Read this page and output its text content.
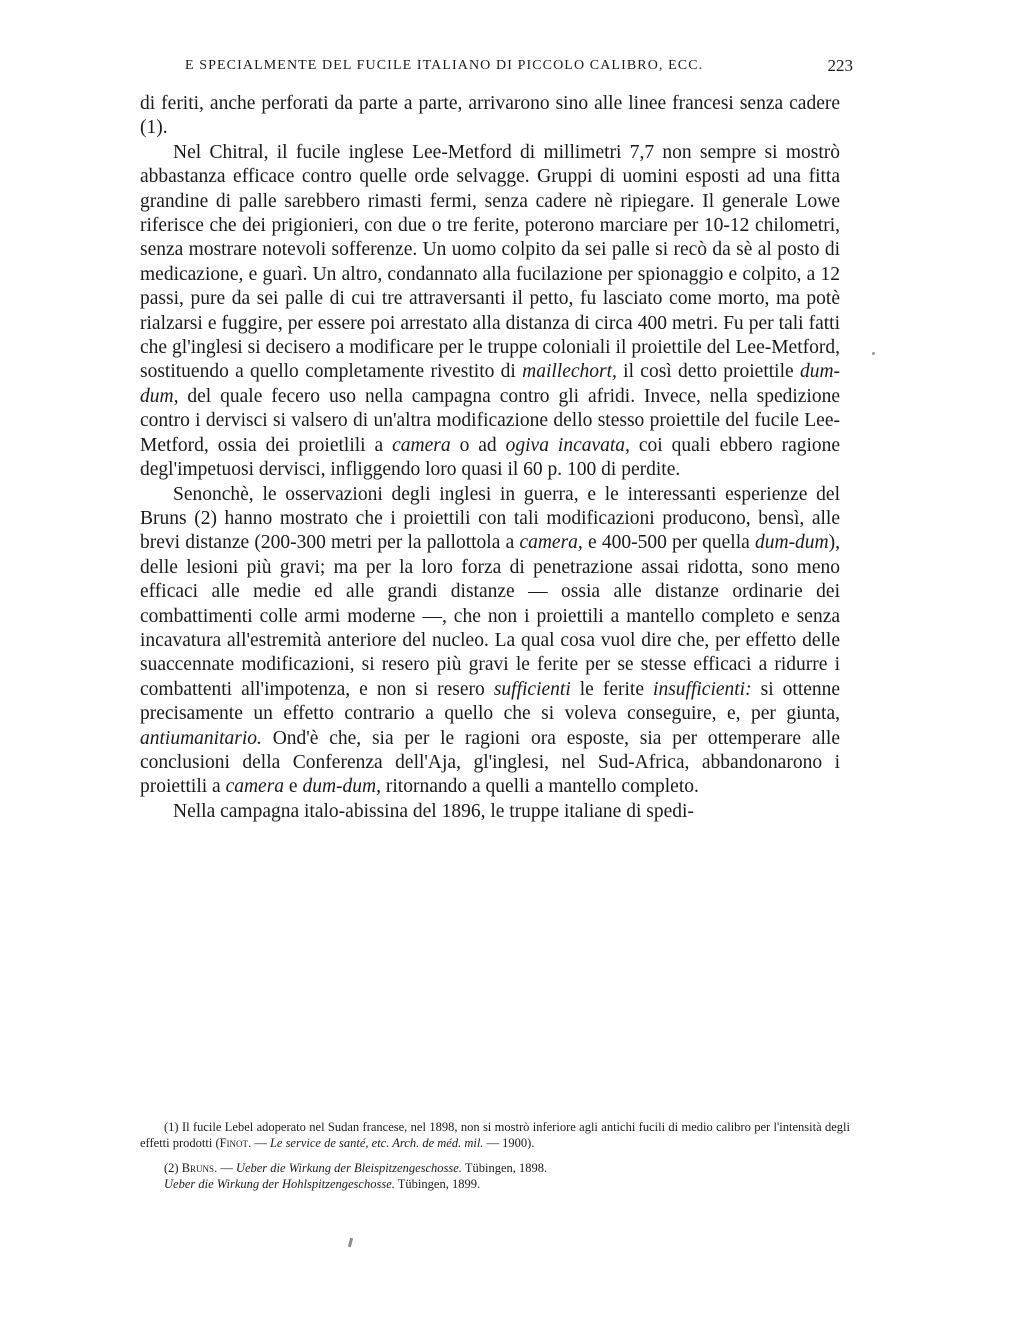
E SPECIALMENTE DEL FUCILE ITALIANO DI PICCOLO CALIBRO, ECC.	223

di feriti, anche perforati da parte a parte, arrivarono sino alle linee francesi senza cadere (1).

Nel Chitral, il fucile inglese Lee-Metford di millimetri 7,7 non sempre si mostrò abbastanza efficace contro quelle orde selvagge. Gruppi di uomini esposti ad una fitta grandine di palle sarebbero rimasti fermi, senza cadere nè ripiegare. Il generale Lowe riferisce che dei prigionieri, con due o tre ferite, poterono marciare per 10-12 chilometri, senza mostrare notevoli sofferenze. Un uomo colpito da sei palle si recò da sè al posto di medicazione, e guarì. Un altro, condannato alla fucilazione per spionaggio e colpito, a 12 passi, pure da sei palle di cui tre attraversanti il petto, fu lasciato come morto, ma potè rialzarsi e fuggire, per essere poi arrestato alla distanza di circa 400 metri. Fu per tali fatti che gl'inglesi si decisero a modificare per le truppe coloniali il proiettile del Lee-Metford, sostituendo a quello completamente rivestito di maillechort, il così detto proiettile dum-dum, del quale fecero uso nella campagna contro gli afridi. Invece, nella spedizione contro i dervisci si valsero di un'altra modificazione dello stesso proiettile del fucile Lee-Metford, ossia dei proietlili a camera o ad ogiva incavata, coi quali ebbero ragione degl'impetuosi dervisci, infliggendo loro quasi il 60 p. 100 di perdite.

Senonchè, le osservazioni degli inglesi in guerra, e le interessanti esperienze del Bruns (2) hanno mostrato che i proiettili con tali modificazioni producono, bensì, alle brevi distanze (200-300 metri per la pallottola a camera, e 400-500 per quella dum-dum), delle lesioni più gravi; ma per la loro forza di penetrazione assai ridotta, sono meno efficaci alle medie ed alle grandi distanze — ossia alle distanze ordinarie dei combattimenti colle armi moderne —, che non i proiettili a mantello completo e senza incavatura all'estremità anteriore del nucleo. La qual cosa vuol dire che, per effetto delle suaccennate modificazioni, si resero più gravi le ferite per se stesse efficaci a ridurre i combattenti all'impotenza, e non si resero sufficienti le ferite insufficienti: si ottenne precisamente un effetto contrario a quello che si voleva conseguire, e, per giunta, antiumanitario. Ond'è che, sia per le ragioni ora esposte, sia per ottemperare alle conclusioni della Conferenza dell'Aja, gl'inglesi, nel Sud-Africa, abbandonarono i proiettili a camera e dum-dum, ritornando a quelli a mantello completo.

Nella campagna italo-abissina del 1896, le truppe italiane di spedi-

(1) Il fucile Lebel adoperato nel Sudan francese, nel 1898, non si mostrò inferiore agli antichi fucili di medio calibro per l'intensità degli effetti prodotti (Finot. — Le service de santé, etc. Arch. de méd. mil. — 1900).

(2) Bruns. — Ueber die Wirkung der Bleispitzengeschosse. Tübingen, 1898.

Ueber die Wirkung der Hohlspitzengeschosse. Tübingen, 1899.
